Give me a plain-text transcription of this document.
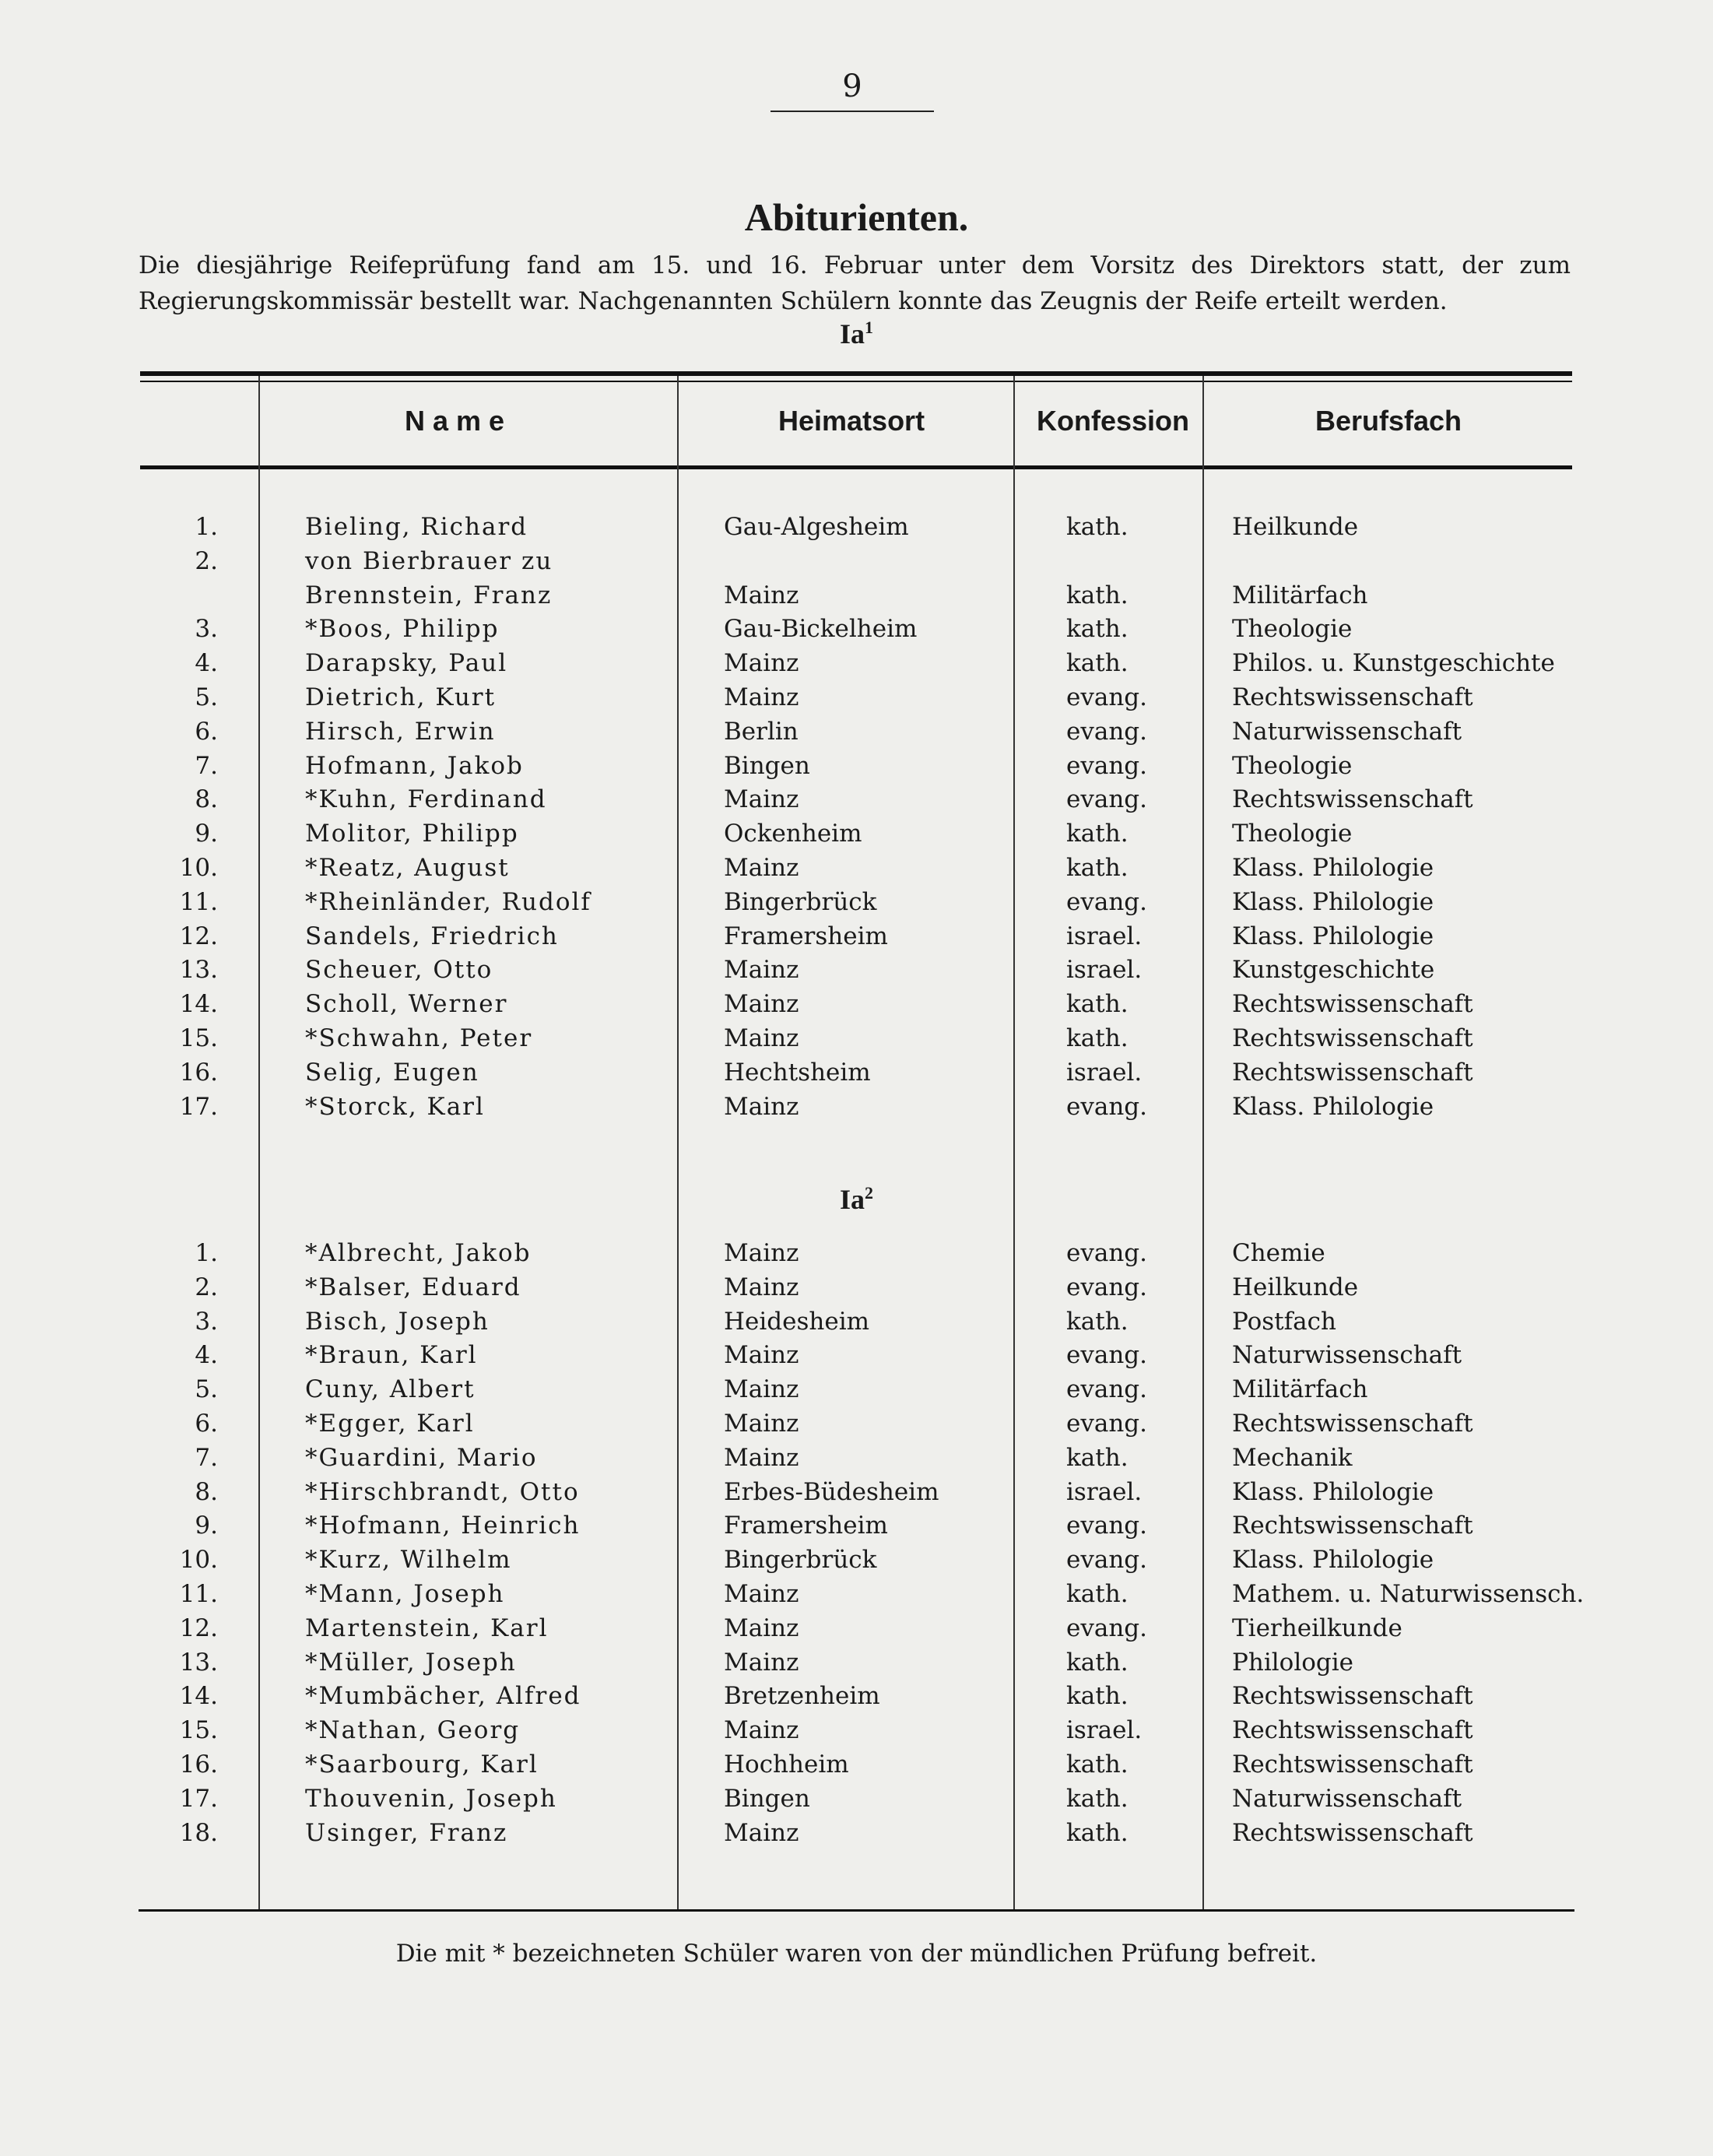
9
Abiturienten.
Die diesjährige Reifeprüfung fand am 15. und 16. Februar unter dem Vorsitz des Direktors statt, der zum
Regierungskommissär bestellt war. Nachgenannten Schülern konnte das Zeugnis der Reife erteilt werden.
Ia$^1$
Name	Heimatsort	Konfession	Berufsfach
1.	Bieling, Richard	Gau-Algesheim	kath.	Heilkunde
2.	von Bierbrauer zu
Brennstein, Franz	Mainz	kath.	Militärfach
3.	*Boos, Philipp	Gau-Bickelheim	kath.	Theologie
4.	Darapsky, Paul	Mainz	kath.	Philos. u. Kunstgeschichte
5.	Dietrich, Kurt	Mainz	evang.	Rechtswissenschaft
6.	Hirsch, Erwin	Berlin	evang.	Naturwissenschaft
7.	Hofmann, Jakob	Bingen	evang.	Theologie
8.	*Kuhn, Ferdinand	Mainz	evang.	Rechtswissenschaft
9.	Molitor, Philipp	Ockenheim	kath.	Theologie
10.	*Reatz, August	Mainz	kath.	Klass. Philologie
11.	*Rheinländer, Rudolf	Bingerbrück	evang.	Klass. Philologie
12.	Sandels, Friedrich	Framersheim	israel.	Klass. Philologie
13.	Scheuer, Otto	Mainz	israel.	Kunstgeschichte
14.	Scholl, Werner	Mainz	kath.	Rechtswissenschaft
15.	*Schwahn, Peter	Mainz	kath.	Rechtswissenschaft
16.	Selig, Eugen	Hechtsheim	israel.	Rechtswissenschaft
17.	*Storck, Karl	Mainz	evang.	Klass. Philologie
Ia$^2$
1.	*Albrecht, Jakob	Mainz	evang.	Chemie
2.	*Balser, Eduard	Mainz	evang.	Heilkunde
3.	Bisch, Joseph	Heidesheim	kath.	Postfach
4.	*Braun, Karl	Mainz	evang.	Naturwissenschaft
5.	Cuny, Albert	Mainz	evang.	Militärfach
6.	*Egger, Karl	Mainz	evang.	Rechtswissenschaft
7.	*Guardini, Mario	Mainz	kath.	Mechanik
8.	*Hirschbrandt, Otto	Erbes-Büdesheim	israel.	Klass. Philologie
9.	*Hofmann, Heinrich	Framersheim	evang.	Rechtswissenschaft
10.	*Kurz, Wilhelm	Bingerbrück	evang.	Klass. Philologie
11.	*Mann, Joseph	Mainz	kath.	Mathem. u. Naturwissensch.
12.	Martenstein, Karl	Mainz	evang.	Tierheilkunde
13.	*Müller, Joseph	Mainz	kath.	Philologie
14.	*Mumbächer, Alfred	Bretzenheim	kath.	Rechtswissenschaft
15.	*Nathan, Georg	Mainz	israel.	Rechtswissenschaft
16.	*Saarbourg, Karl	Hochheim	kath.	Rechtswissenschaft
17.	Thouvenin, Joseph	Bingen	kath.	Naturwissenschaft
18.	Usinger, Franz	Mainz	kath.	Rechtswissenschaft
Die mit * bezeichneten Schüler waren von der mündlichen Prüfung befreit.
